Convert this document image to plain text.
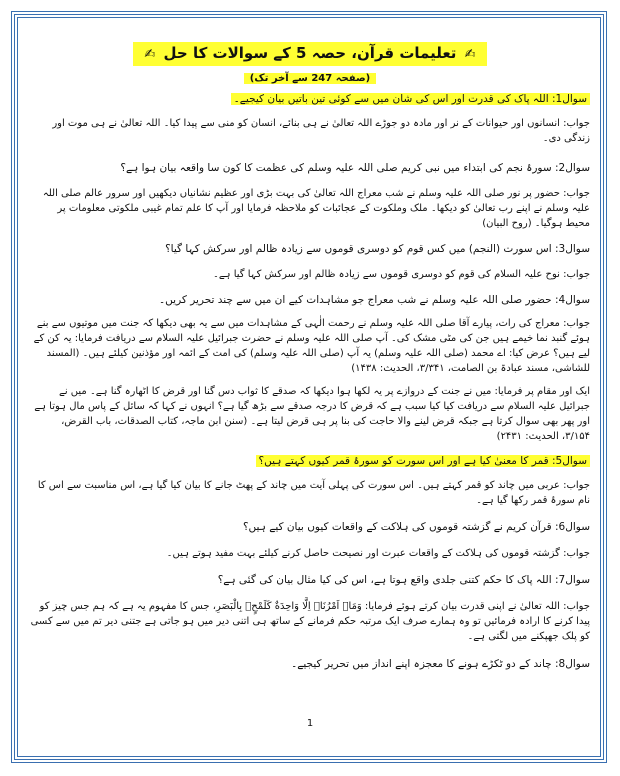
✍ تعلیمات قرآن، حصہ 5 کے سوالات کا حل ✍
(صفحہ 247 سے آخر تک)

سوال1: اللہ پاک کی قدرت اور اس کی شان میں سے کوئی تین باتیں بیان کیجیے۔

جواب: انسانوں اور حیوانات کے نر اور مادہ دو جوڑے اللہ تعالیٰ نے ہی بنائے، انسان کو منی سے پیدا کیا۔ اللہ تعالیٰ نے ہی موت اور زندگی دی۔

سوال2: سورۂ نجم کی ابتداء میں نبی کریم صلی اللہ علیہ وسلم کی عظمت کا کون سا واقعہ بیان ہوا ہے؟

جواب: حضور پر نور صلی اللہ علیہ وسلم نے شب معراج اللہ تعالیٰ کی بہت بڑی اور عظیم نشانیاں دیکھیں اور سرور عالم صلی اللہ علیہ وسلم نے اپنے رب تعالیٰ کو دیکھا۔ ملک وملکوت کے عجائبات کو ملاحظہ فرمایا اور آپ کا علم تمام غیبی ملکوتی معلومات پر محیط ہوگیا۔ (روح البیان)

سوال3: اس سورت (النجم) میں کس قوم کو دوسری قوموں سے زیادہ ظالم اور سرکش کہا گیا؟

جواب: نوح علیہ السلام کی قوم کو دوسری قوموں سے زیادہ ظالم اور سرکش کہا گیا ہے۔

سوال4: حضور صلی اللہ علیہ وسلم نے شب معراج جو مشاہدات کیے ان میں سے چند تحریر کریں۔

جواب: معراج کی رات، پیارے آقا صلی اللہ علیہ وسلم نے رحمت الٰہی کے مشاہدات میں سے یہ بھی دیکھا کہ جنت میں موتیوں سے بنے ہوئے گنبد نما خیمے ہیں جن کی مٹی مشک کی۔ آپ صلی اللہ علیہ وسلم نے حضرت جبرائیل علیہ السلام سے دریافت فرمایا: یہ کن کے لیے ہیں؟ عرض کیا: اے محمد (صلی اللہ علیہ وسلم) یہ آپ (صلی اللہ علیہ وسلم) کی امت کے ائمہ اور مؤذنین کیلئے ہیں۔ (المسند للشاشی، مسند عبادۃ بن الصامت، ۳/۳۴۱، الحدیث: ۱۴۳۸)

ایک اور مقام پر فرمایا: میں نے جنت کے دروازے پر یہ لکھا ہوا دیکھا کہ صدقے کا ثواب دس گنا اور قرض کا اٹھارہ گنا ہے۔ میں نے جبرائیل علیہ السلام سے دریافت کیا کیا سبب ہے کہ قرض کا درجہ صدقے سے بڑھ گیا ہے؟ انہوں نے کہا کہ سائل کے پاس مال ہوتا ہے اور پھر بھی سوال کرتا ہے جبکہ قرض لینے والا حاجت کی بنا پر ہی قرض لیتا ہے۔ (سنن ابن ماجہ، کتاب الصدقات، باب القرض، ۳/۱۵۴، الحدیث: ۲۴۳۱)

سوال5: قمر کا معنیٰ کیا ہے اور اس سورت کو سورۂ قمر کیوں کہتے ہیں؟

جواب: عربی میں چاند کو قمر کہتے ہیں۔ اس سورت کی پہلی آیت میں چاند کے پھٹ جانے کا بیان کیا گیا ہے، اس مناسبت سے اس کا نام سورۂ قمر رکھا گیا ہے۔

سوال6: قرآن کریم نے گزشتہ قوموں کی ہلاکت کے واقعات کیوں بیان کیے ہیں؟

جواب: گزشتہ قوموں کی ہلاکت کے واقعات عبرت اور نصیحت حاصل کرنے کیلئے بہت مفید ہوتے ہیں۔

سوال7: اللہ پاک کا حکم کتنی جلدی واقع ہوتا ہے، اس کی کیا مثال بیان کی گئی ہے؟

جواب: اللہ تعالیٰ نے اپنی قدرت بیان کرتے ہوئے فرمایا: وَمَاۤ اَمْرُنَاۤ اِلَّا وَاحِدَةٌ كَلَمْحٍۭ بِالْبَصَرِ، جس کا مفہوم یہ ہے کہ ہم جس چیز کو پیدا کرنے کا ارادہ فرمائیں تو وہ ہمارے صرف ایک مرتبہ حکم فرمانے کے ساتھ ہی اتنی دیر میں ہو جاتی ہے جتنی دیر تم میں سے کسی کو پلک جھپکنے میں لگتی ہے۔

سوال8: چاند کے دو ٹکڑے ہونے کا معجزہ اپنے انداز میں تحریر کیجیے۔

1
